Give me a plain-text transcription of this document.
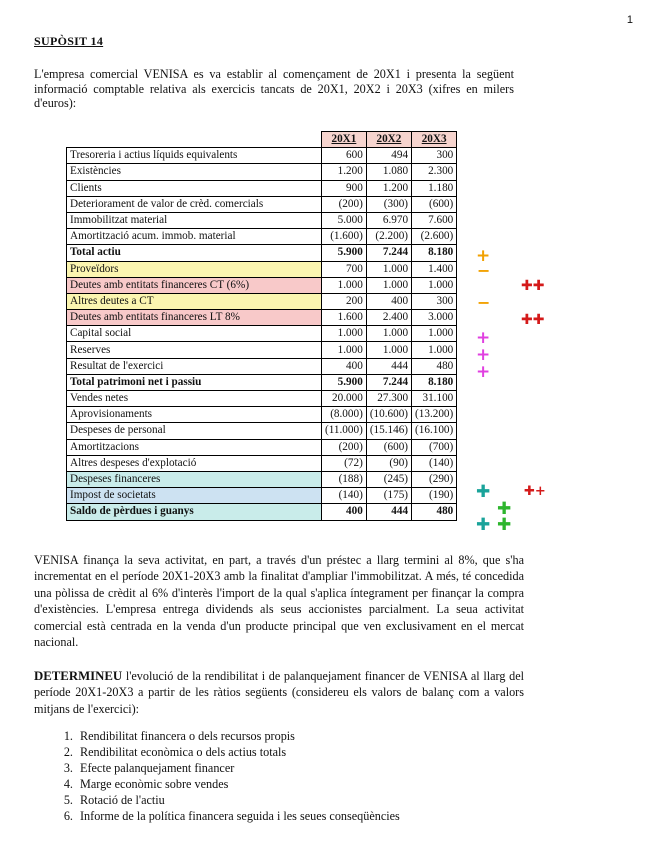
1
SUPÒSIT 14
L'empresa comercial VENISA es va establir al començament de 20X1 i presenta la següent informació comptable relativa als exercicis tancats de 20X1, 20X2 i 20X3 (xifres en milers d'euros):
	20X1	20X2	20X3
Tresoreria i actius líquids equivalents	600	494	300
Existències	1.200	1.080	2.300
Clients	900	1.200	1.180
Deteriorament de valor de crèd. comercials	(200)	(300)	(600)
Immobilitzat material	5.000	6.970	7.600
Amortització acum. immob. material	(1.600)	(2.200)	(2.600)
Total actiu	5.900	7.244	8.180
Proveïdors	700	1.000	1.400
Deutes amb entitats financeres CT (6%)	1.000	1.000	1.000
Altres deutes a CT	200	400	300
Deutes amb entitats financeres LT 8%	1.600	2.400	3.000
Capital social	1.000	1.000	1.000
Reserves	1.000	1.000	1.000
Resultat de l'exercici	400	444	480
Total patrimoni net i passiu	5.900	7.244	8.180
Vendes netes	20.000	27.300	31.100
Aprovisionaments	(8.000)	(10.600)	(13.200)
Despeses de personal	(11.000)	(15.146)	(16.100)
Amortitzacions	(200)	(600)	(700)
Altres despeses d'explotació	(72)	(90)	(140)
Despeses financeres	(188)	(245)	(290)
Impost de societats	(140)	(175)	(190)
Saldo de pèrdues i guanys	400	444	480
+
−
−
✚✚
✚✚
+
+
+
✚	✚+
✚
✚ ✚
VENISA finança la seva activitat, en part, a través d'un préstec a llarg termini al 8%, que s'ha incrementat en el període 20X1-20X3 amb la finalitat d'ampliar l'immobilitzat. A més, té concedida una pòlissa de crèdit al 6% d'interès l'import de la qual s'aplica íntegrament per finançar la compra d'existències. L'empresa entrega dividends als seus accionistes parcialment. La seua activitat comercial està centrada en la venda d'un producte principal que ven exclusivament en el mercat nacional.
DETERMINEU l'evolució de la rendibilitat i de palanquejament financer de VENISA al llarg del període 20X1-20X3 a partir de les ràtios següents (considereu els valors de balanç com a valors mitjans de l'exercici):
1. Rendibilitat financera o dels recursos propis
2. Rendibilitat econòmica o dels actius totals
3. Efecte palanquejament financer
4. Marge econòmic sobre vendes
5. Rotació de l'actiu
6. Informe de la política financera seguida i les seues conseqüències
